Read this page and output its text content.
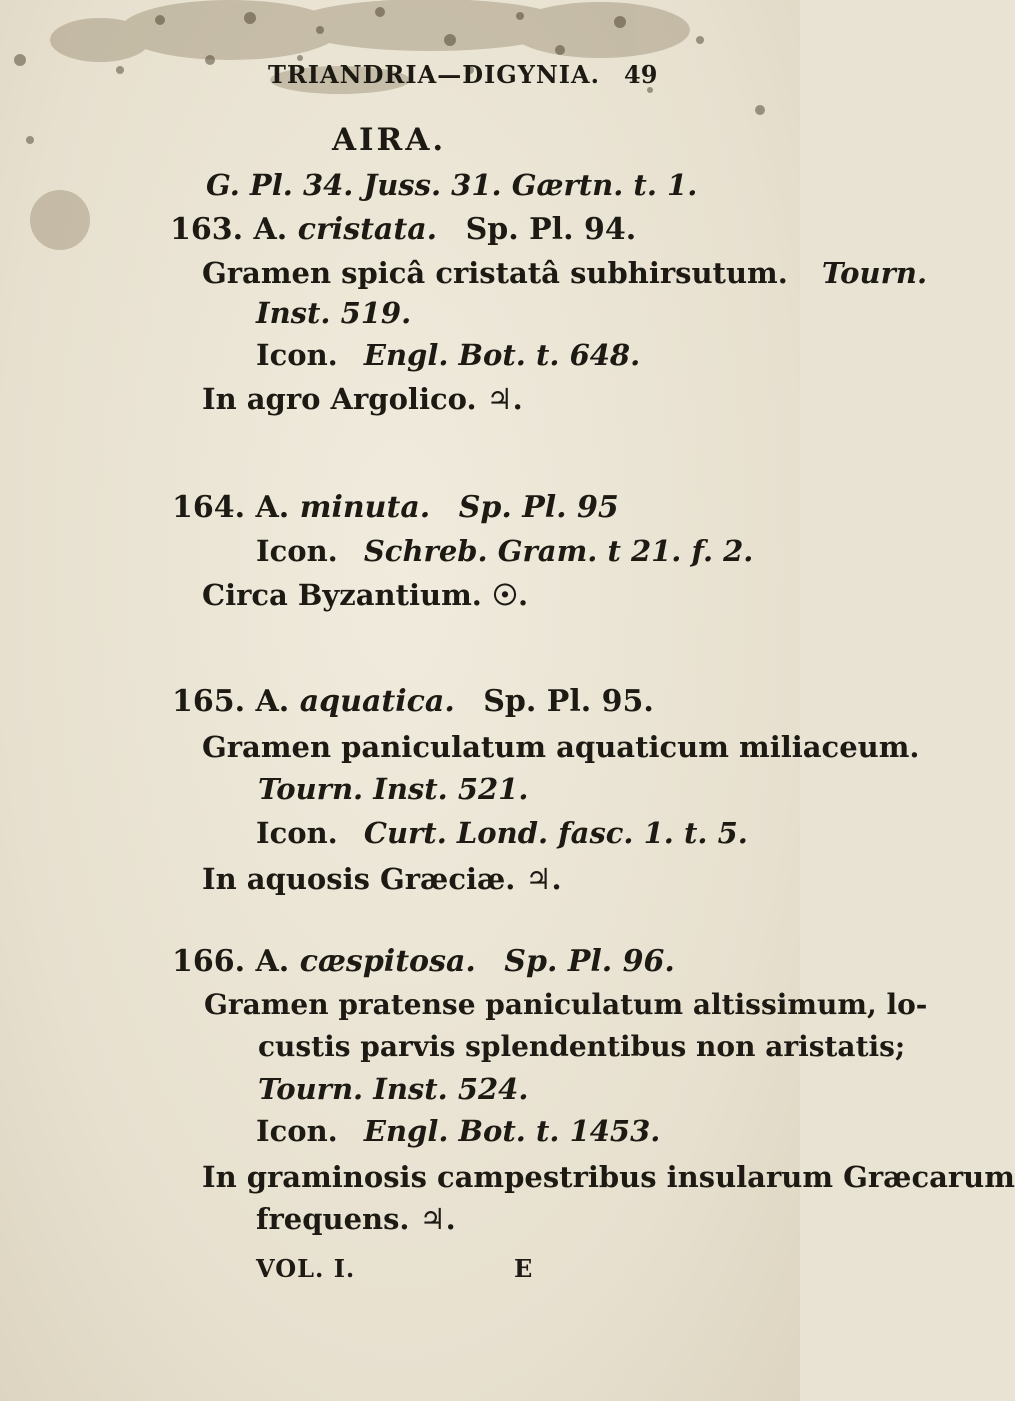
TRIANDRIA—DIGYNIA. 49
AIRA.
G. Pl. 34. Juss. 31. Gærtn. t. 1.
163. A. cristata. Sp. Pl. 94.
Gramen spicâ cristatâ subhirsutum. Tourn.
Inst. 519.
Icon. Engl. Bot. t. 648.
In agro Argolico. ♃.
164. A. minuta. Sp. Pl. 95
Icon. Schreb. Gram. t 21. f. 2.
Circa Byzantium. ☉.
165. A. aquatica. Sp. Pl. 95.
Gramen paniculatum aquaticum miliaceum.
Tourn. Inst. 521.
Icon. Curt. Lond. fasc. 1. t. 5.
In aquosis Græciæ. ♃.
166. A. cæspitosa. Sp. Pl. 96.
Gramen pratense paniculatum altissimum, lo-
custis parvis splendentibus non aristatis;
Tourn. Inst. 524.
Icon. Engl. Bot. t. 1453.
In graminosis campestribus insularum Græcarum
frequens. ♃.
VOL. I.	E
